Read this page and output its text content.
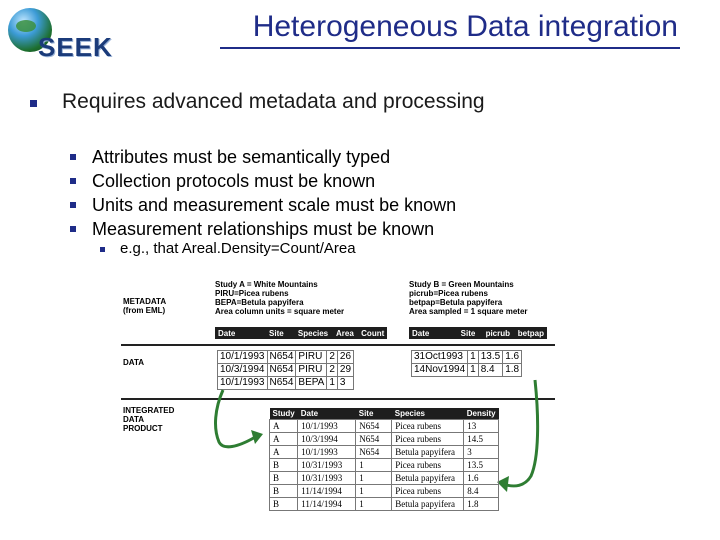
SEEK
Heterogeneous Data integration
Requires advanced metadata and processing
Attributes must be semantically typed
Collection protocols must be known
Units and measurement scale must be known
Measurement relationships must be known
e.g., that Areal.Density=Count/Area
METADATA
(from EML)
DATA
INTEGRATED
DATA
PRODUCT
Study A = White Mountains
PIRU=Picea rubens
BEPA=Betula papyifera
Area column units = square meter
Study B = Green Mountains
picrub=Picea rubens
betpap=Betula papyifera
Area sampled = 1 square meter
Date	Site	Species Area Count	Date	Site	picrub betpap
10/1/1993	N654	PIRU	2	26
10/3/1994	N654	PIRU	2	29
10/1/1993	N654	BEPA	1	3
31Oct1993	1	13.5	1.6
14Nov1994	1	8.4	1.8
Study	Date	Site	Species	Density
A	10/1/1993	N654	Picea rubens	13
A	10/3/1994	N654	Picea rubens	14.5
A	10/1/1993	N654	Betula papyifera	3
B	10/31/1993	1	Picea rubens	13.5
B	10/31/1993	1	Betula papyifera	1.6
B	11/14/1994	1	Picea rubens	8.4
B	11/14/1994	1	Betula papyifera	1.8
